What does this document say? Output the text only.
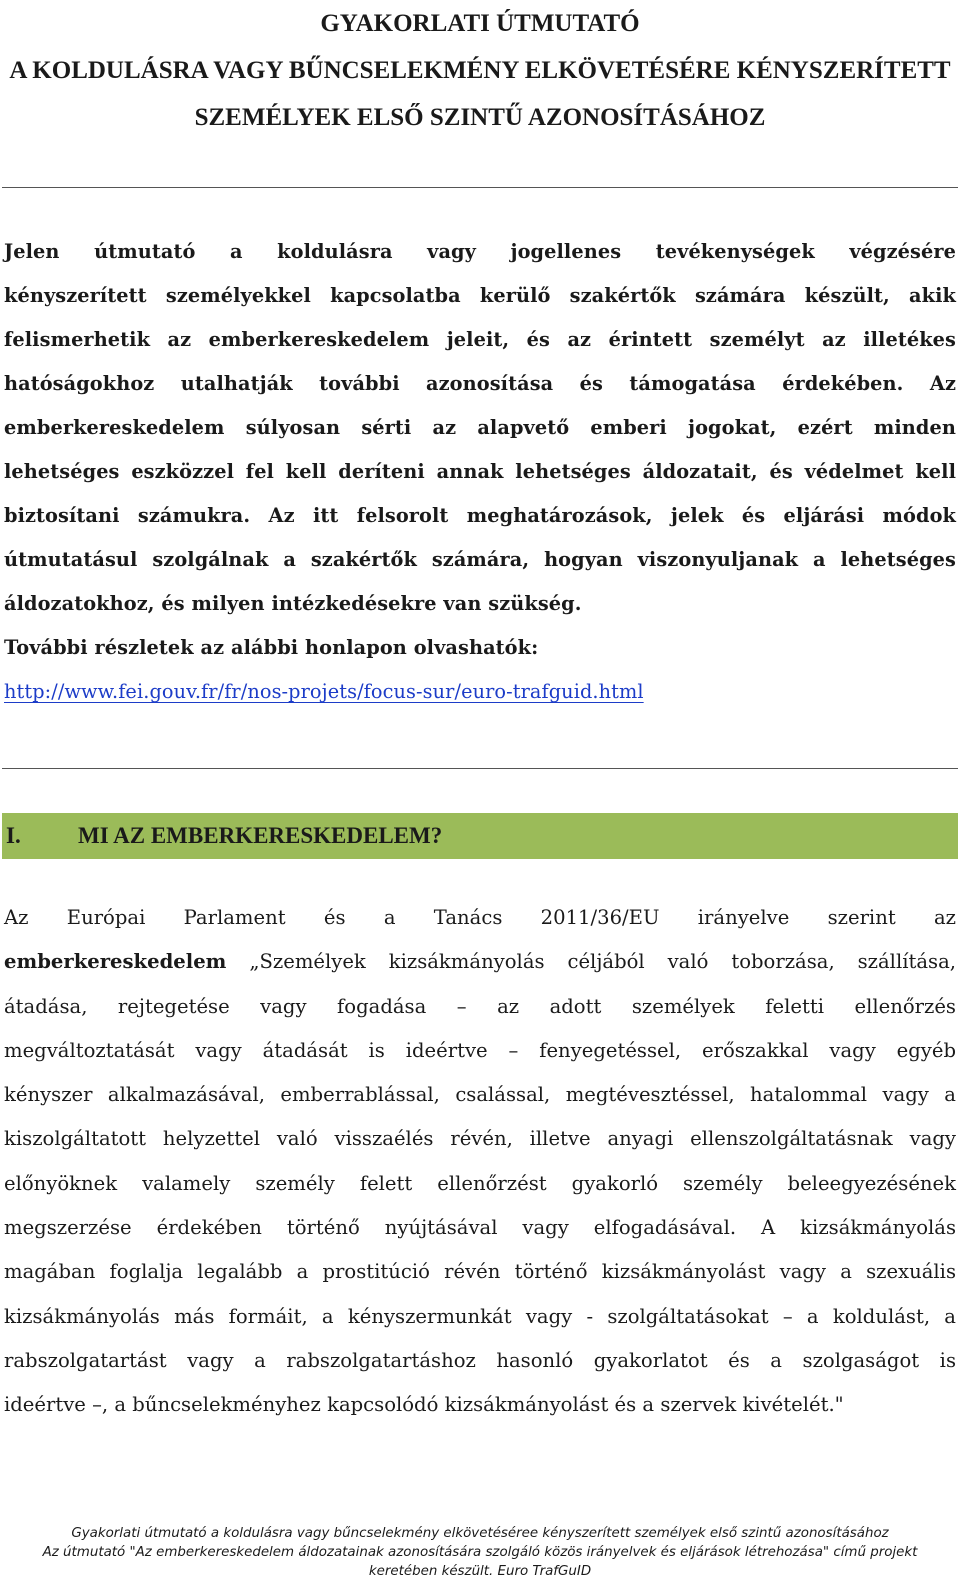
GYAKORLATI ÚTMUTATÓ
A KOLDULÁSRA VAGY BŰNCSELEKMÉNY ELKÖVETÉSÉRE KÉNYSZERÍTETT
SZEMÉLYEK ELSŐ SZINTŰ AZONOSÍTÁSÁHOZ
Jelen útmutató a koldulásra vagy jogellenes tevékenységek végzésére
kényszerített személyekkel kapcsolatba kerülő szakértők számára készült, akik
felismerhetik az emberkereskedelem jeleit, és az érintett személyt az illetékes
hatóságokhoz utalhatják további azonosítása és támogatása érdekében. Az
emberkereskedelem súlyosan sérti az alapvető emberi jogokat, ezért minden
lehetséges eszközzel fel kell deríteni annak lehetséges áldozatait, és védelmet kell
biztosítani számukra. Az itt felsorolt meghatározások, jelek és eljárási módok
útmutatásul szolgálnak a szakértők számára, hogyan viszonyuljanak a lehetséges
áldozatokhoz, és milyen intézkedésekre van szükség.
További részletek az alábbi honlapon olvashatók:
http://www.fei.gouv.fr/fr/nos-projets/focus-sur/euro-trafguid.html
I. MI AZ EMBERKERESKEDELEM?
Az Európai Parlament és a Tanács 2011/36/EU irányelve szerint az
emberkereskedelem „Személyek kizsákmányolás céljából való toborzása, szállítása,
átadása, rejtegetése vagy fogadása – az adott személyek feletti ellenőrzés
megváltoztatását vagy átadását is ideértve – fenyegetéssel, erőszakkal vagy egyéb
kényszer alkalmazásával, emberrablással, csalással, megtévesztéssel, hatalommal vagy a
kiszolgáltatott helyzettel való visszaélés révén, illetve anyagi ellenszolgáltatásnak vagy
előnyöknek valamely személy felett ellenőrzést gyakorló személy beleegyezésének
megszerzése érdekében történő nyújtásával vagy elfogadásával. A kizsákmányolás
magában foglalja legalább a prostitúció révén történő kizsákmányolást vagy a szexuális
kizsákmányolás más formáit, a kényszermunkát vagy - szolgáltatásokat – a koldulást, a
rabszolgatartást vagy a rabszolgatartáshoz hasonló gyakorlatot és a szolgaságot is
ideértve –, a bűncselekményhez kapcsolódó kizsákmányolást és a szervek kivételét."
Gyakorlati útmutató a koldulásra vagy bűncselekmény elkövetéséree kényszerített személyek első szintű azonosításához
Az útmutató "Az emberkereskedelem áldozatainak azonosítására szolgáló közös irányelvek és eljárások létrehozása" című projekt
keretében készült. Euro TrafGuID
